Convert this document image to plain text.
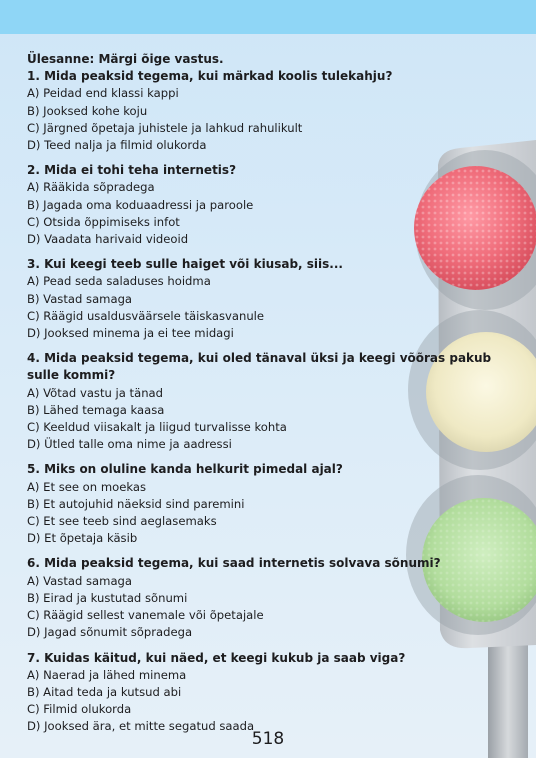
Ülesanne: Märgi õige vastus.
1. Mida peaksid tegema, kui märkad koolis tulekahju?
A) Peidad end klassi kappi
B) Jooksed kohe koju
C) Järgned õpetaja juhistele ja lahkud rahulikult
D) Teed nalja ja filmid olukorda
2. Mida ei tohi teha internetis?
A) Rääkida sõpradega
B) Jagada oma koduaadressi ja paroole
C) Otsida õppimiseks infot
D) Vaadata harivaid videoid
3. Kui keegi teeb sulle haiget või kiusab, siis...
A) Pead seda saladuses hoidma
B) Vastad samaga
C) Räägid usaldusväärsele täiskasvanule
D) Jooksed minema ja ei tee midagi
4. Mida peaksid tegema, kui oled tänaval üksi ja keegi võõras pakub sulle kommi?
A) Võtad vastu ja tänad
B) Lähed temaga kaasa
C) Keeldud viisakalt ja liigud turvalisse kohta
D) Ütled talle oma nime ja aadressi
5. Miks on oluline kanda helkurit pimedal ajal?
A) Et see on moekas
B) Et autojuhid näeksid sind paremini
C) Et see teeb sind aeglasemaks
D) Et õpetaja käsib
6. Mida peaksid tegema, kui saad internetis solvava sõnumi?
A) Vastad samaga
B) Eirad ja kustutad sõnumi
C) Räägid sellest vanemale või õpetajale
D) Jagad sõnumit sõpradega
7. Kuidas käitud, kui näed, et keegi kukub ja saab viga?
A) Naerad ja lähed minema
B) Aitad teda ja kutsud abi
C) Filmid olukorda
D) Jooksed ära, et mitte segatud saada
518
